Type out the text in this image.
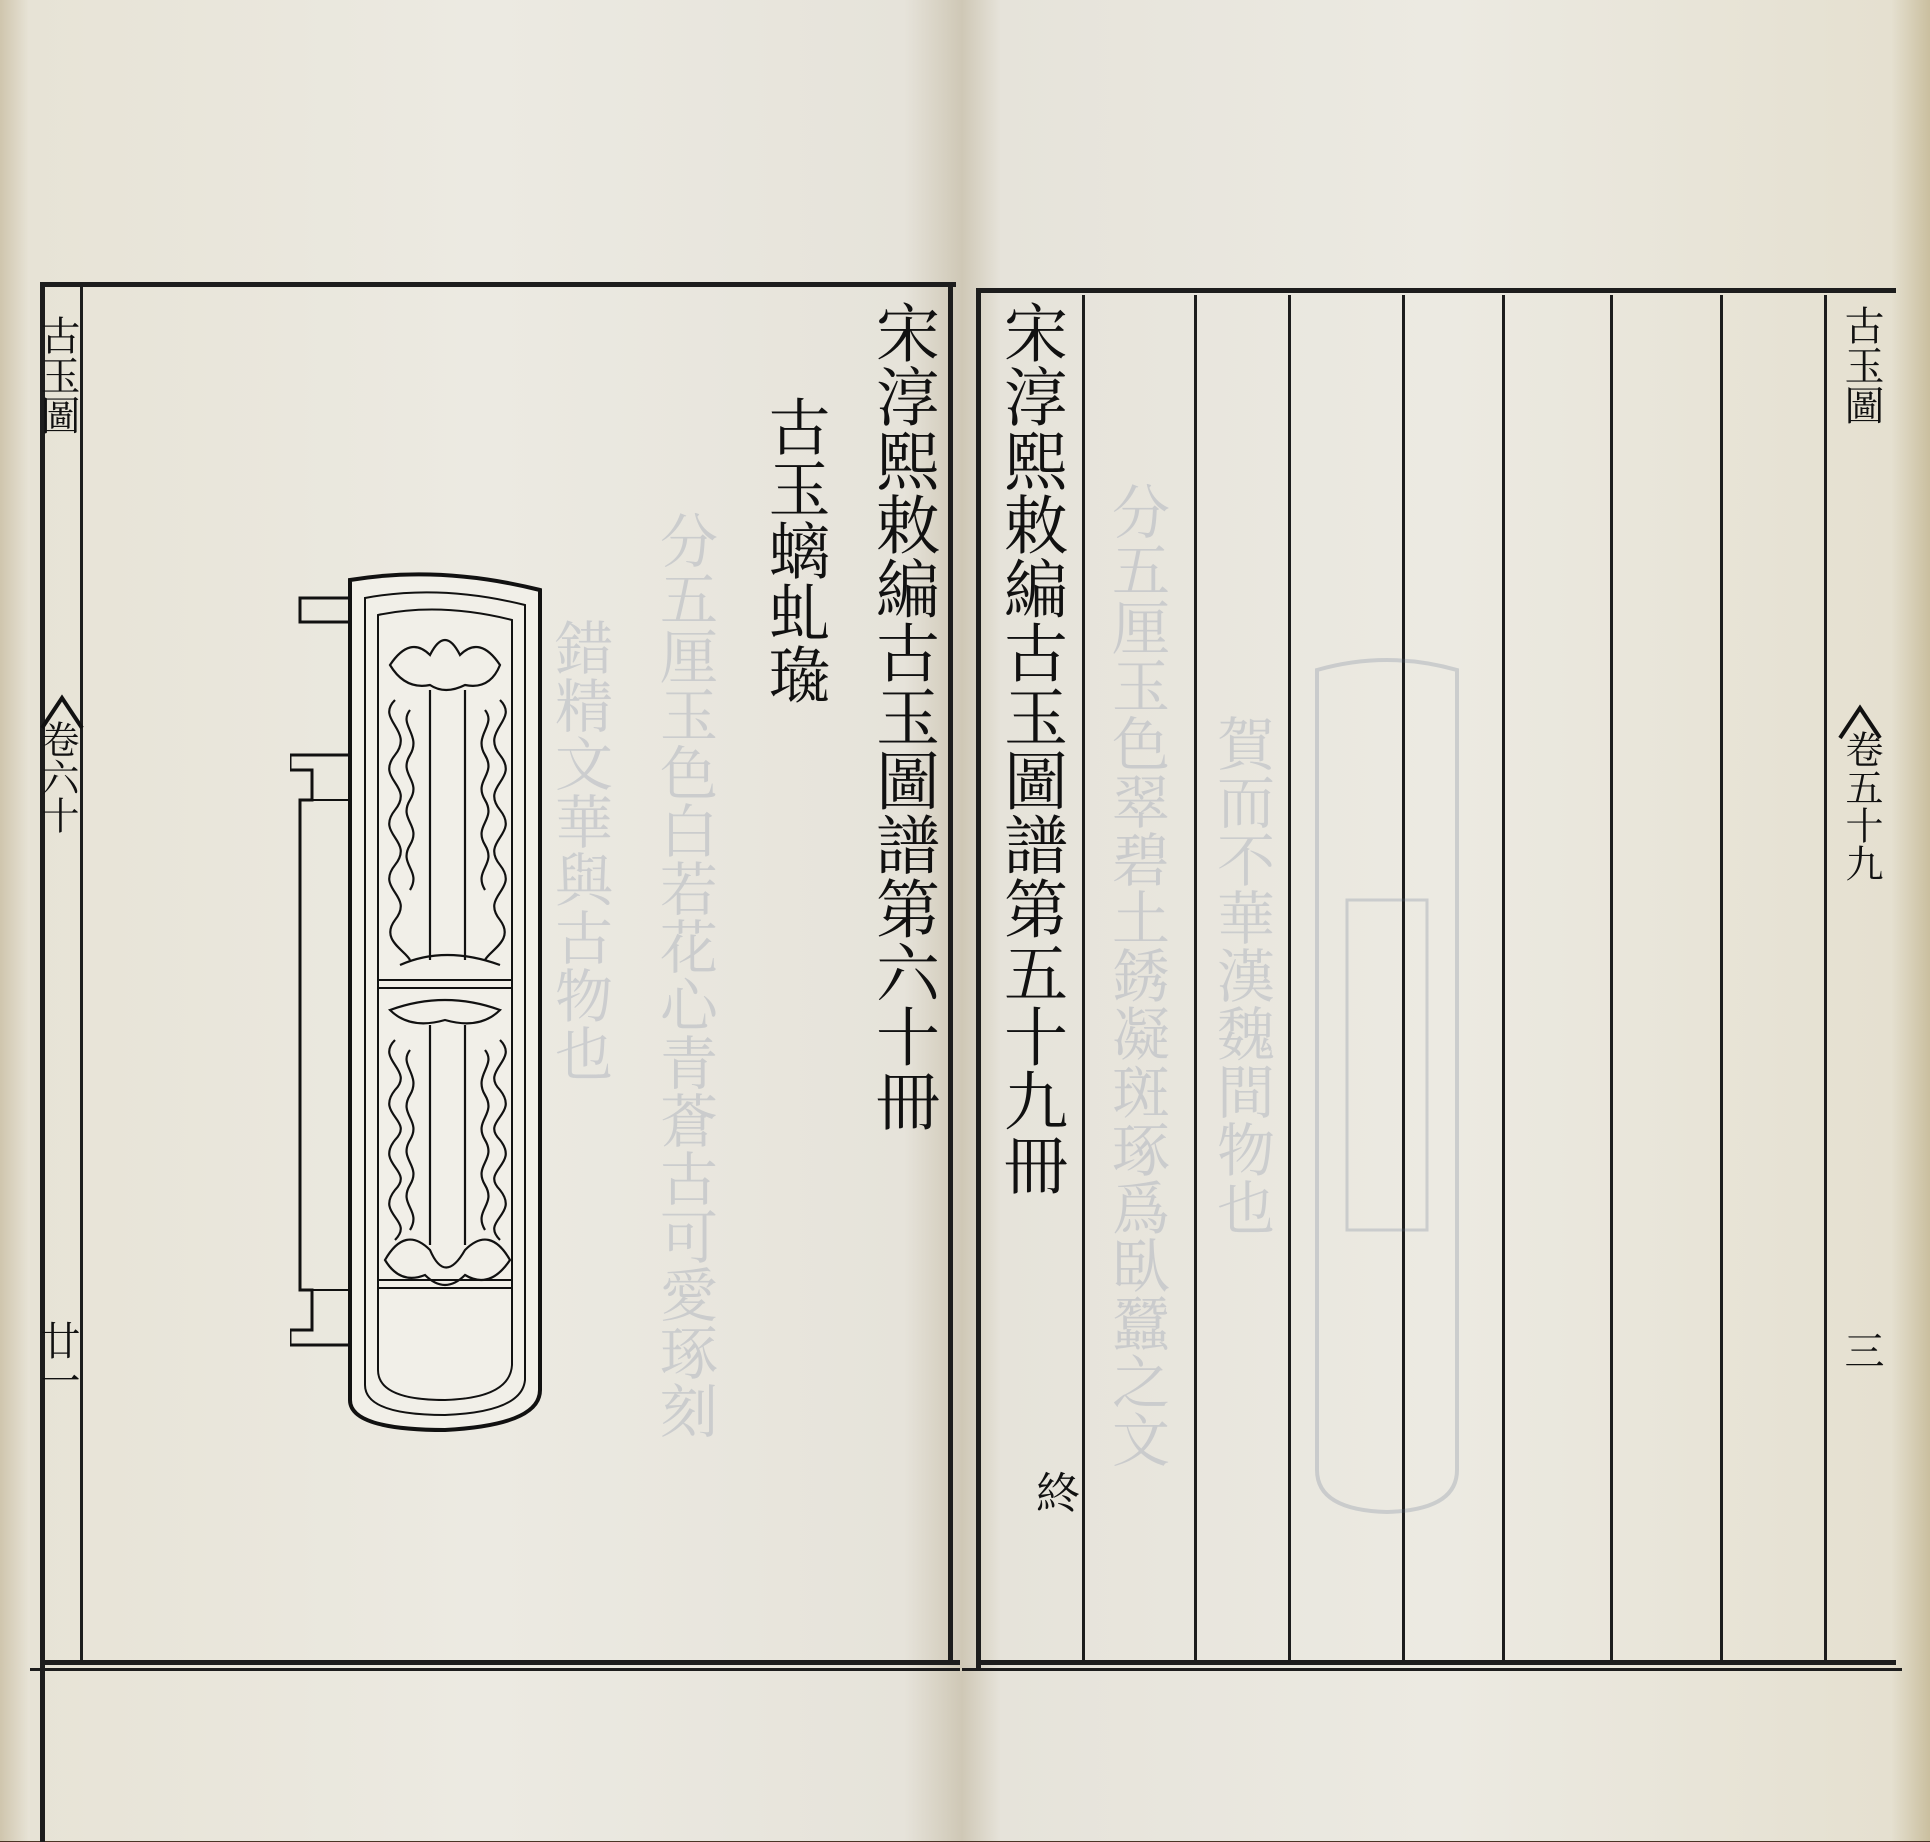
分五厘玉色白若花心青蒼古可愛琢刻
錯精文華與古物也	宋淳熙敕編古玉圖譜第六十冊
古玉螭虬璏
古玉圖
卷六十
廿一
賀而不華漢魏間物也
分五厘玉色翠碧土銹凝斑琢爲臥蠶之文
宋淳熙敕編古玉圖譜第五十九冊
終
古玉圖
卷五十九
三
